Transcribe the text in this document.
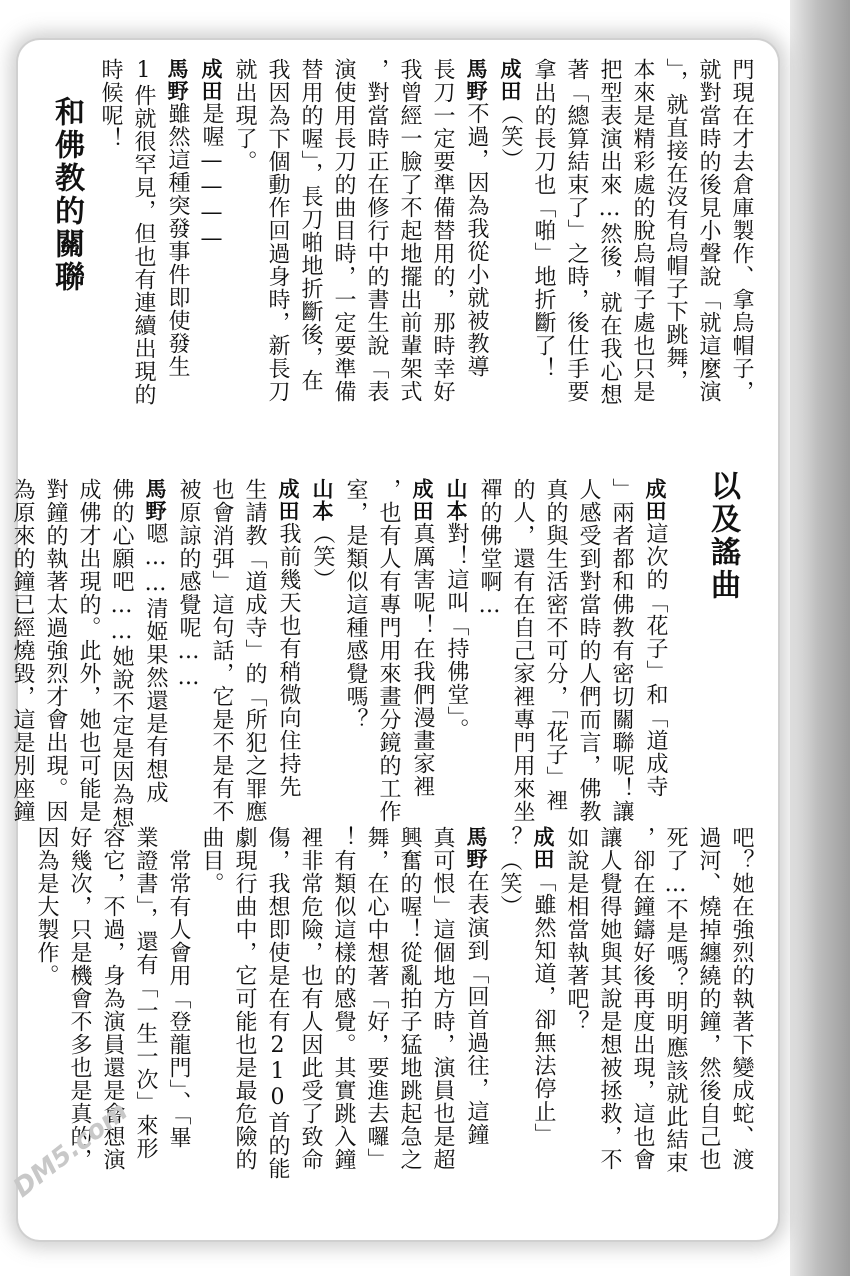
門現在才去倉庫製作、拿烏帽子，
就對當時的後見小聲說「就這麼演
」，就直接在沒有烏帽子下跳舞，
本來是精彩處的脫烏帽子處也只是
把型表演出來…然後，就在我心想
著「總算結束了」之時，後仕手要
拿出的長刀也「啪」地折斷了！
成田（笑）
馬野不過，因為我從小就被教導
長刀一定要準備替用的，那時幸好
我曾經一臉了不起地擺出前輩架式
，對當時正在修行中的書生說「表
演使用長刀的曲目時，一定要準備
替用的喔」，長刀啪地折斷後，在
我因為下個動作回過身時，新長刀
就出現了。
成田是喔————
馬野雖然這種突發事件即使發生
1件就很罕見，但也有連續出現的
時候呢！
和佛教的關聯
以及謠曲
成田這次的「花子」和「道成寺
」兩者都和佛教有密切關聯呢！讓
人感受到對當時的人們而言，佛教
真的與生活密不可分，「花子」裡
的人，還有在自己家裡專門用來坐
禪的佛堂啊…
山本對！這叫「持佛堂」。
成田真厲害呢！在我們漫畫家裡
，也有人有專門用來畫分鏡的工作
室，是類似這種感覺嗎？
山本（笑）
成田我前幾天也有稍微向住持先
生請教「道成寺」的「所犯之罪應
也會消弭」這句話，它是不是有不
被原諒的感覺呢……
馬野嗯……清姬果然還是有想成
佛的心願吧……她說不定是因為想
成佛才出現的。此外，她也可能是
對鐘的執著太過強烈才會出現。因
為原來的鐘已經燒毀，這是別座鐘
吧？她在強烈的執著下變成蛇、渡
過河、燒掉纏繞的鐘，然後自己也
死了…不是嗎？明明應該就此結束
，卻在鐘鑄好後再度出現，這也會
讓人覺得她與其說是想被拯救，不
如說是相當執著吧？
成田「雖然知道，卻無法停止」
？（笑）
馬野在表演到「回首過往，這鐘
真可恨」這個地方時，演員也是超
興奮的喔！從亂拍子猛地跳起急之
舞，在心中想著「好，要進去囉」
！有類似這樣的感覺。其實跳入鐘
裡非常危險，也有人因此受了致命
傷，我想即使是在有210首的能
劇現行曲中，它可能也是最危險的
曲目。
　常常有人會用「登龍門」、「畢
業證書」，還有「一生一次」來形
容它，不過，身為演員還是會想演
好幾次，只是機會不多也是真的，
因為是大製作。
DM5.com
